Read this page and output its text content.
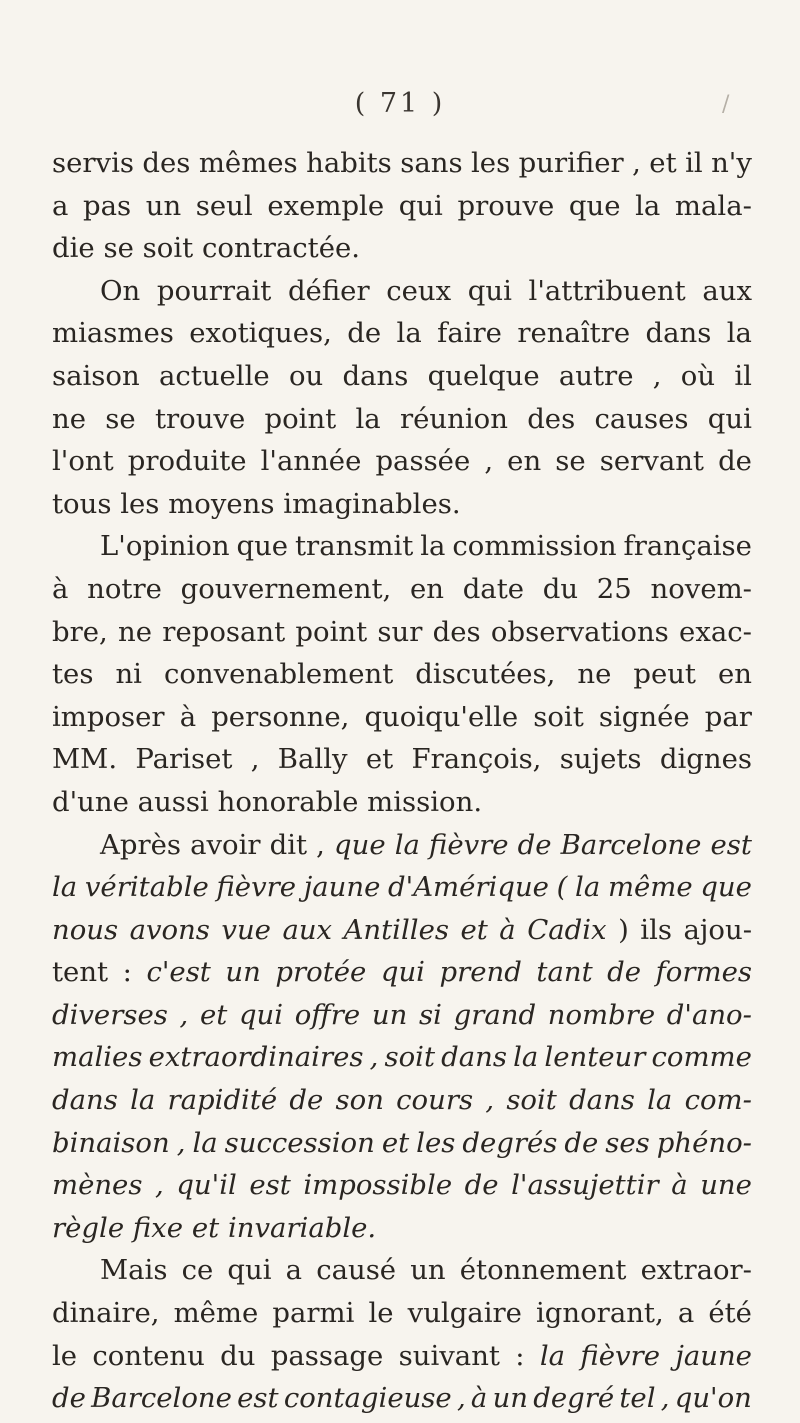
( 71 )	/
servis des mêmes habits sans les purifier , et il n'y
a pas un seul exemple qui prouve que la mala-
die se soit contractée.
On pourrait défier ceux qui l'attribuent aux
miasmes exotiques, de la faire renaître dans la
saison actuelle ou dans quelque autre , où il
ne se trouve point la réunion des causes qui
l'ont produite l'année passée , en se servant de
tous les moyens imaginables.
L'opinion que transmit la commission française
à notre gouvernement, en date du 25 novem-
bre, ne reposant point sur des observations exac-
tes ni convenablement discutées, ne peut en
imposer à personne, quoiqu'elle soit signée par
MM. Pariset , Bally et François, sujets dignes
d'une aussi honorable mission.
Après avoir dit , que la fièvre de Barcelone est
la véritable fièvre jaune d'Amérique ( la même que
nous avons vue aux Antilles et à Cadix ) ils ajou-
tent : c'est un protée qui prend tant de formes
diverses , et qui offre un si grand nombre d'ano-
malies extraordinaires , soit dans la lenteur comme
dans la rapidité de son cours , soit dans la com-
binaison , la succession et les degrés de ses phéno-
mènes , qu'il est impossible de l'assujettir à une
règle fixe et invariable.
Mais ce qui a causé un étonnement extraor-
dinaire, même parmi le vulgaire ignorant, a été
le contenu du passage suivant : la fièvre jaune
de Barcelone est contagieuse , à un degré tel , qu'on
